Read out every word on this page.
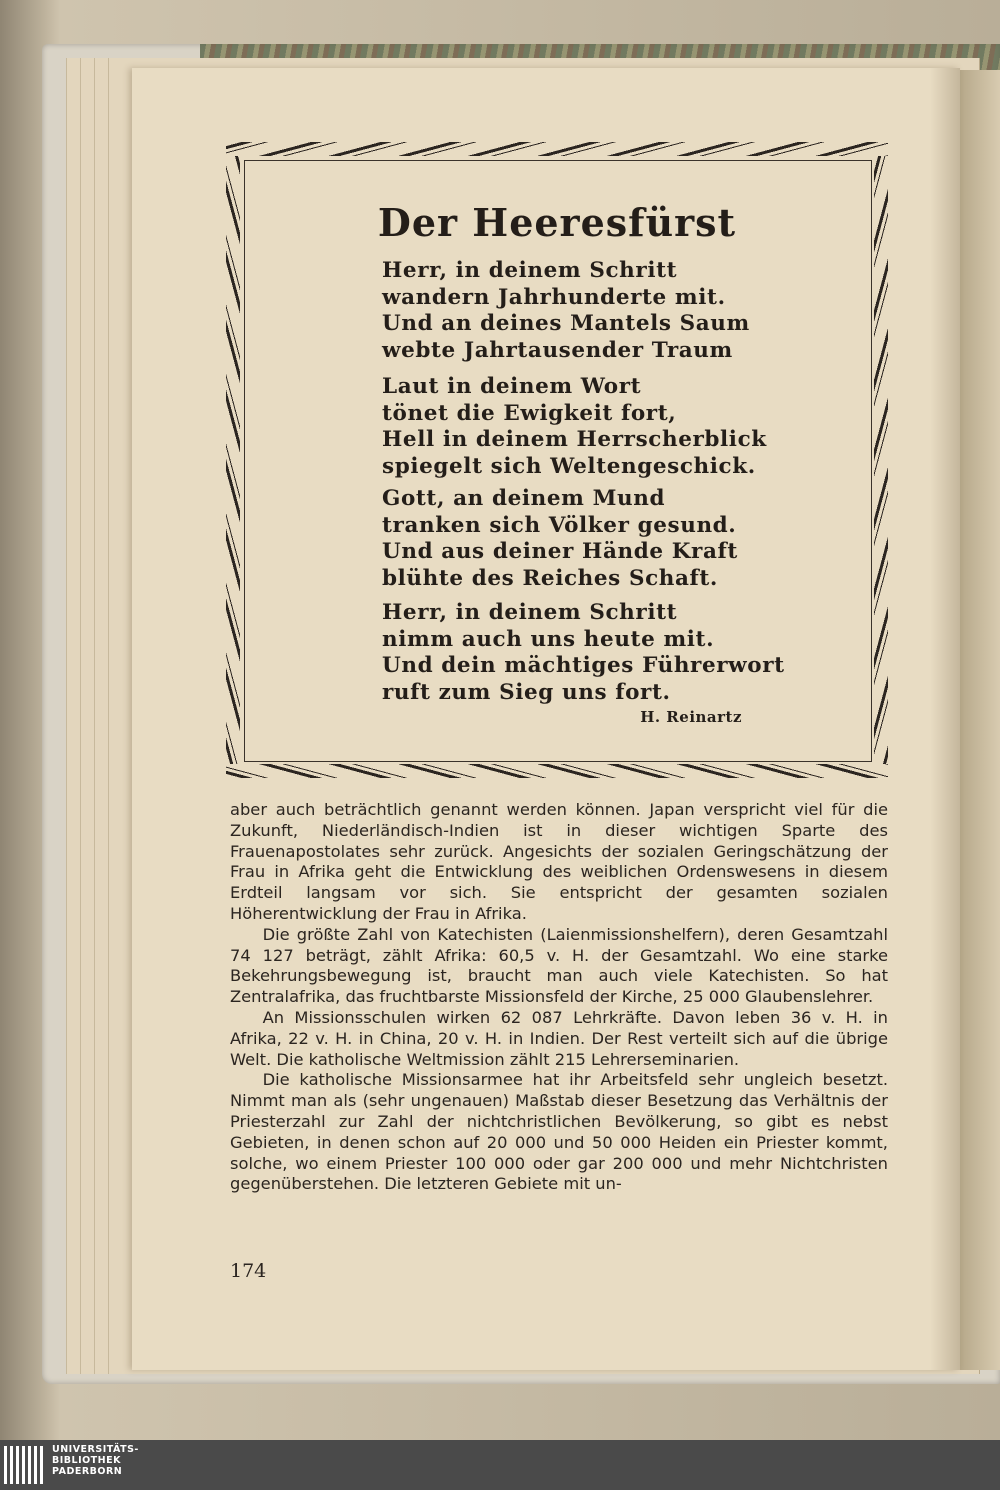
Der Heeresfürst
Herr, in deinem Schritt
wandern Jahrhunderte mit.
Und an deines Mantels Saum
webte Jahrtausender Traum
Laut in deinem Wort
tönet die Ewigkeit fort,
Hell in deinem Herrscherblick
spiegelt sich Weltengeschick.
Gott, an deinem Mund
tranken sich Völker gesund.
Und aus deiner Hände Kraft
blühte des Reiches Schaft.
Herr, in deinem Schritt
nimm auch uns heute mit.
Und dein mächtiges Führerwort
ruft zum Sieg uns fort.
H. Reinartz

aber auch beträchtlich genannt werden können. Japan verspricht viel für die Zukunft, Niederländisch-Indien ist in dieser wichtigen Sparte des Frauenapostolates sehr zurück. Angesichts der sozialen Geringschätzung der Frau in Afrika geht die Entwicklung des weiblichen Ordenswesens in diesem Erdteil langsam vor sich. Sie entspricht der gesamten sozialen Höherentwicklung der Frau in Afrika.

Die größte Zahl von Katechisten (Laienmissionshelfern), deren Gesamtzahl 74 127 beträgt, zählt Afrika: 60,5 v. H. der Gesamtzahl. Wo eine starke Bekehrungsbewegung ist, braucht man auch viele Katechisten. So hat Zentralafrika, das fruchtbarste Missionsfeld der Kirche, 25 000 Glaubenslehrer.

An Missionsschulen wirken 62 087 Lehrkräfte. Davon leben 36 v. H. in Afrika, 22 v. H. in China, 20 v. H. in Indien. Der Rest verteilt sich auf die übrige Welt. Die katholische Weltmission zählt 215 Lehrerseminarien.

Die katholische Missionsarmee hat ihr Arbeitsfeld sehr ungleich besetzt. Nimmt man als (sehr ungenauen) Maßstab dieser Besetzung das Verhältnis der Priesterzahl zur Zahl der nichtchristlichen Bevölkerung, so gibt es nebst Gebieten, in denen schon auf 20 000 und 50 000 Heiden ein Priester kommt, solche, wo einem Priester 100 000 oder gar 200 000 und mehr Nichtchristen gegenüberstehen. Die letzteren Gebiete mit un-

174
UNIVERSITÄTS-
BIBLIOTHEK
PADERBORN
